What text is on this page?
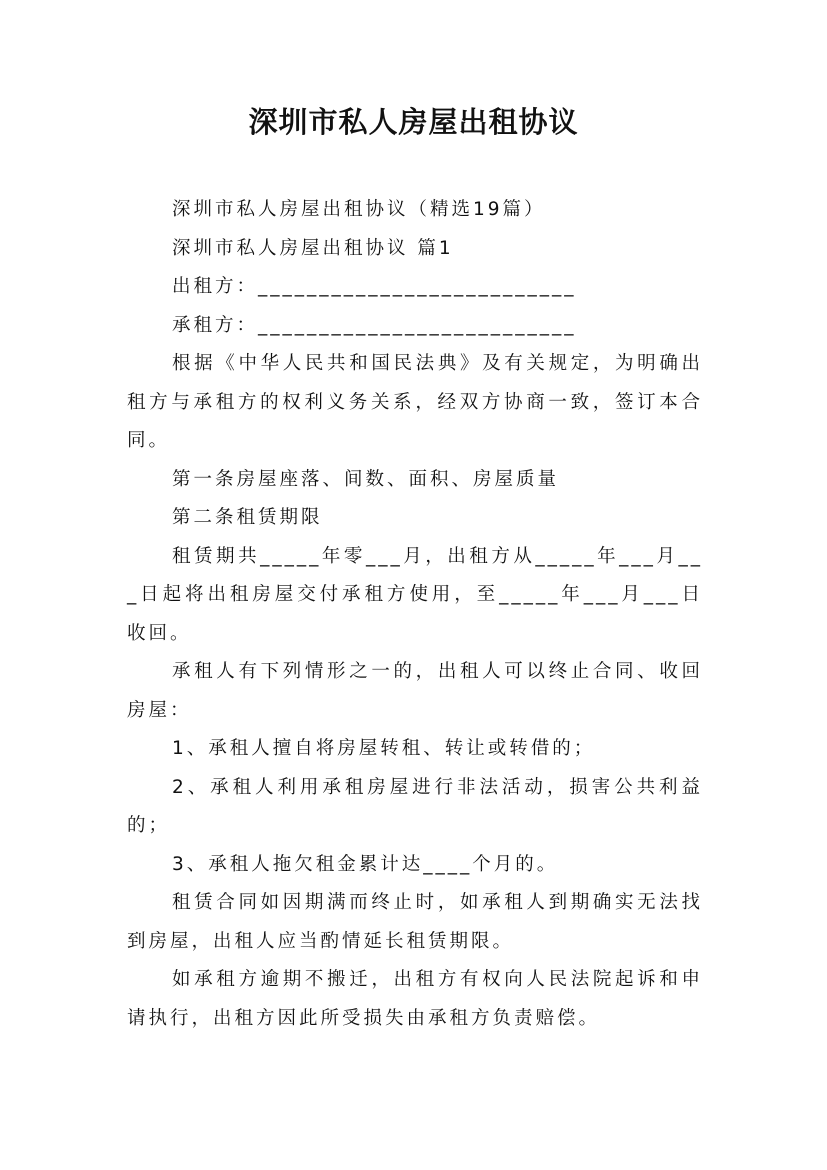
深圳市私人房屋出租协议

深圳市私人房屋出租协议（精选19篇）

深圳市私人房屋出租协议 篇1

出租方：__________________________

承租方：__________________________

根据《中华人民共和国民法典》及有关规定，为明确出租方与承租方的权利义务关系，经双方协商一致，签订本合同。

第一条房屋座落、间数、面积、房屋质量

第二条租赁期限

租赁期共_____年零___月，出租方从_____年___月___日起将出租房屋交付承租方使用，至_____年___月___日收回。

承租人有下列情形之一的，出租人可以终止合同、收回房屋：

1、承租人擅自将房屋转租、转让或转借的；

2、承租人利用承租房屋进行非法活动，损害公共利益的；

3、承租人拖欠租金累计达____个月的。

租赁合同如因期满而终止时，如承租人到期确实无法找到房屋，出租人应当酌情延长租赁期限。

如承租方逾期不搬迁，出租方有权向人民法院起诉和申请执行，出租方因此所受损失由承租方负责赔偿。
